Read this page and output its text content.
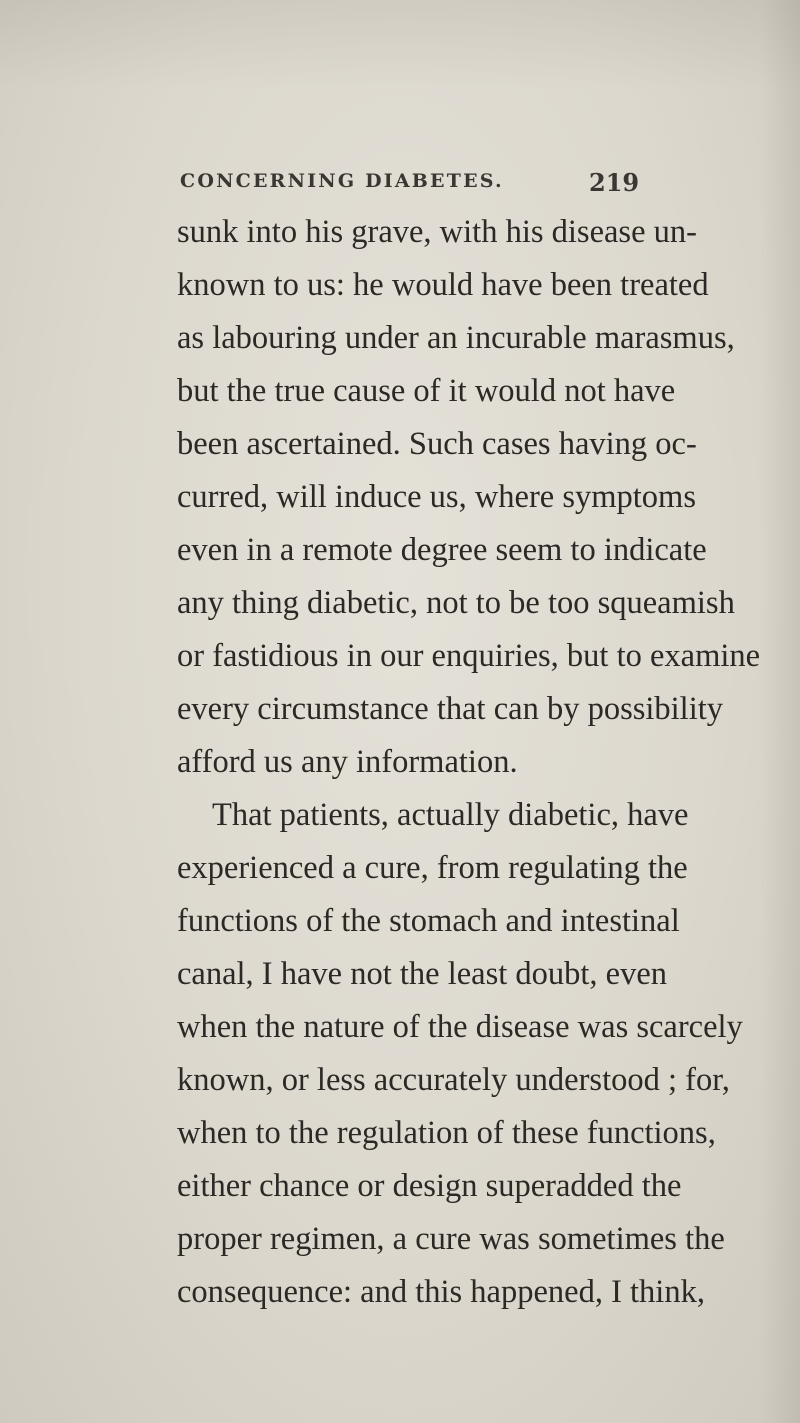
CONCERNING DIABETES.	219
sunk into his grave, with his disease un-
known to us: he would have been treated
as labouring under an incurable marasmus,
but the true cause of it would not have
been ascertained. Such cases having oc-
curred, will induce us, where symptoms
even in a remote degree seem to indicate
any thing diabetic, not to be too squeamish
or fastidious in our enquiries, but to examine
every circumstance that can by possibility
afford us any information.
That patients, actually diabetic, have
experienced a cure, from regulating the
functions of the stomach and intestinal
canal, I have not the least doubt, even
when the nature of the disease was scarcely
known, or less accurately understood ; for,
when to the regulation of these functions,
either chance or design superadded the
proper regimen, a cure was sometimes the
consequence: and this happened, I think,
